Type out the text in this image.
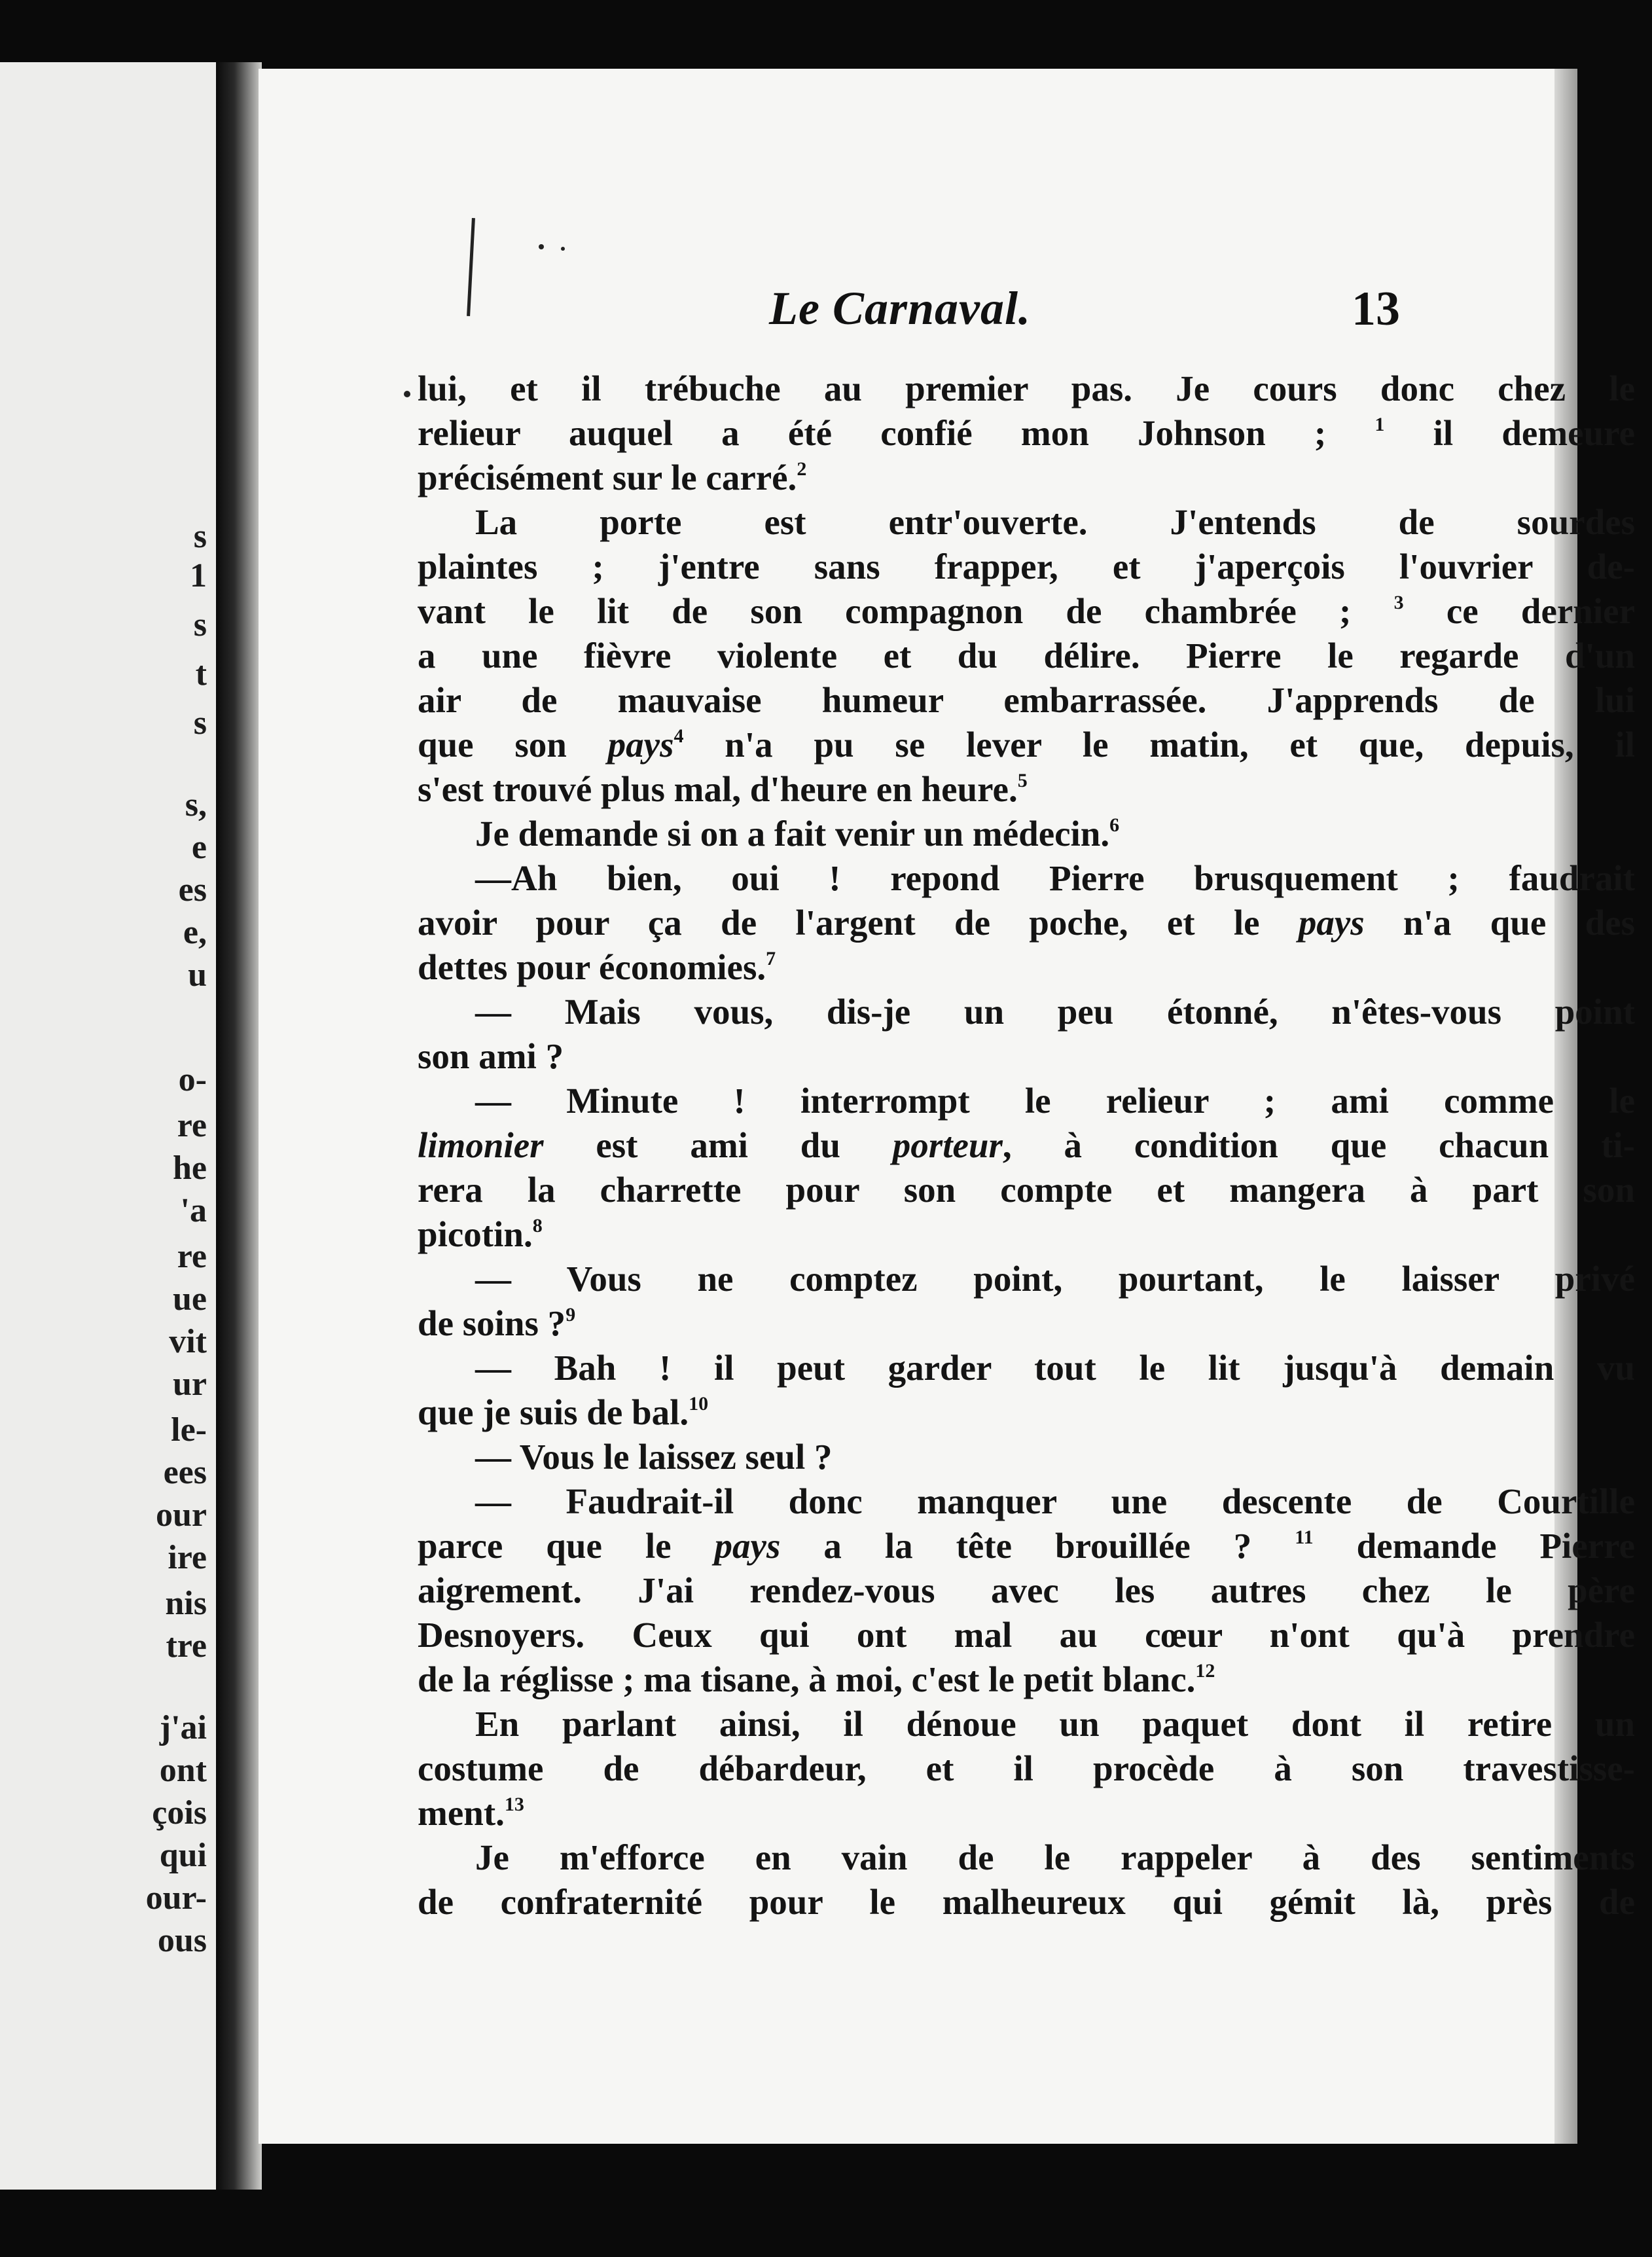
s
1
s
t
s
s,
e
es
e,
u
o-
re
he
'a
re
ue
vit
ur
le-
ees
our
ire
nis
tre
j'ai
ont
çois
qui
our-
ous
Le Carnaval.	13
lui, et il trébuche au premier pas. Je cours donc chez le
relieur auquel a été confié mon Johnson ; $^1$ il demeure
précisément sur le carré.$^2$
La porte est entr'ouverte. J'entends de sourdes
plaintes ; j'entre sans frapper, et j'aperçois l'ouvrier de-
vant le lit de son compagnon de chambrée ; $^3$ ce dernier
a une fièvre violente et du délire. Pierre le regarde d'un
air de mauvaise humeur embarrassée. J'apprends de lui
que son pays$^4$ n'a pu se lever le matin, et que, depuis, il
s'est trouvé plus mal, d'heure en heure.$^5$
Je demande si on a fait venir un médecin.$^6$
—Ah bien, oui ! repond Pierre brusquement ; faudrait
avoir pour ça de l'argent de poche, et le pays n'a que des
dettes pour économies.$^7$
— Mais vous, dis-je un peu étonné, n'êtes-vous point
son ami ?
— Minute ! interrompt le relieur ; ami comme le
limonier est ami du porteur, à condition que chacun ti-
rera la charrette pour son compte et mangera à part son
picotin.$^8$
— Vous ne comptez point, pourtant, le laisser privé
de soins ?$^9$
— Bah ! il peut garder tout le lit jusqu'à demain vu
que je suis de bal.$^{10}$
— Vous le laissez seul ?
— Faudrait-il donc manquer une descente de Courtille
parce que le pays a la tête brouillée ? $^{11}$ demande Pierre
aigrement. J'ai rendez-vous avec les autres chez le père
Desnoyers. Ceux qui ont mal au cœur n'ont qu'à prendre
de la réglisse ; ma tisane, à moi, c'est le petit blanc.$^{12}$
En parlant ainsi, il dénoue un paquet dont il retire un
costume de débardeur, et il procède à son travestisse-
ment.$^{13}$
Je m'efforce en vain de le rappeler à des sentiments
de confraternité pour le malheureux qui gémit là, près de
